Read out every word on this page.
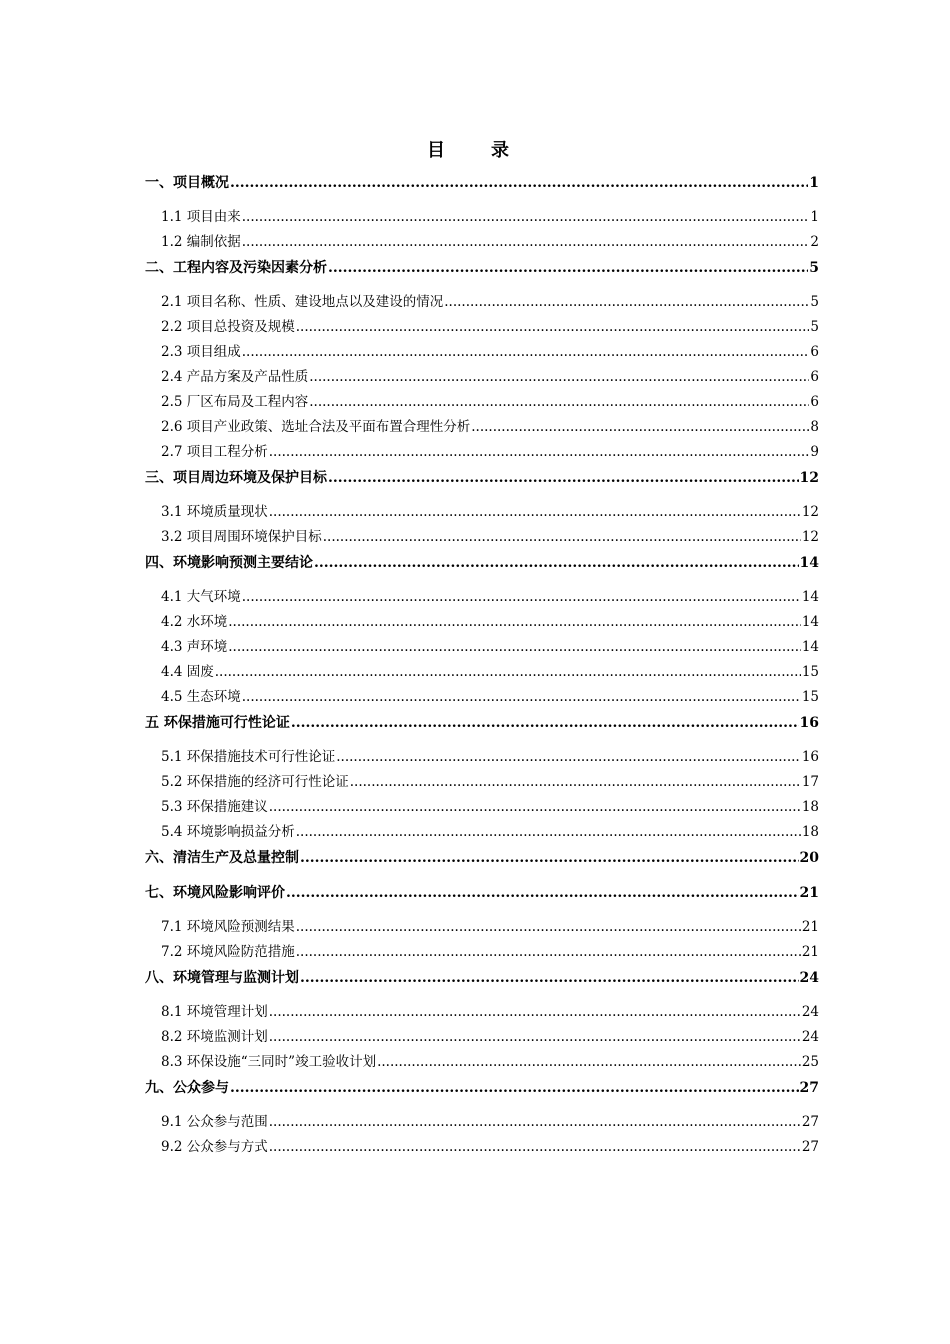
目　录
一、项目概况 .....	1
1.1 项目由来 .....	1
1.2 编制依据 .....	2
二、工程内容及污染因素分析 .....	5
2.1 项目名称、性质、建设地点以及建设的情况 .....	5
2.2 项目总投资及规模 .....	5
2.3 项目组成 .....	6
2.4 产品方案及产品性质 .....	6
2.5 厂区布局及工程内容 .....	6
2.6 项目产业政策、选址合法及平面布置合理性分析 .....	8
2.7 项目工程分析 .....	9
三、项目周边环境及保护目标 .....	12
3.1 环境质量现状 .....	12
3.2 项目周围环境保护目标 .....	12
四、环境影响预测主要结论 .....	14
4.1 大气环境 .....	14
4.2 水环境 .....	14
4.3 声环境 .....	14
4.4 固废 .....	15
4.5 生态环境 .....	15
五 环保措施可行性论证 .....	16
5.1 环保措施技术可行性论证 .....	16
5.2 环保措施的经济可行性论证 .....	17
5.3 环保措施建议 .....	18
5.4 环境影响损益分析 .....	18
六、清洁生产及总量控制 .....	20
七、环境风险影响评价 .....	21
7.1 环境风险预测结果 .....	21
7.2 环境风险防范措施 .....	21
八、环境管理与监测计划 .....	24
8.1 环境管理计划 .....	24
8.2 环境监测计划 .....	24
8.3 环保设施“三同时”竣工验收计划 .....	25
九、公众参与 .....	27
9.1 公众参与范围 .....	27
9.2 公众参与方式 .....	27
